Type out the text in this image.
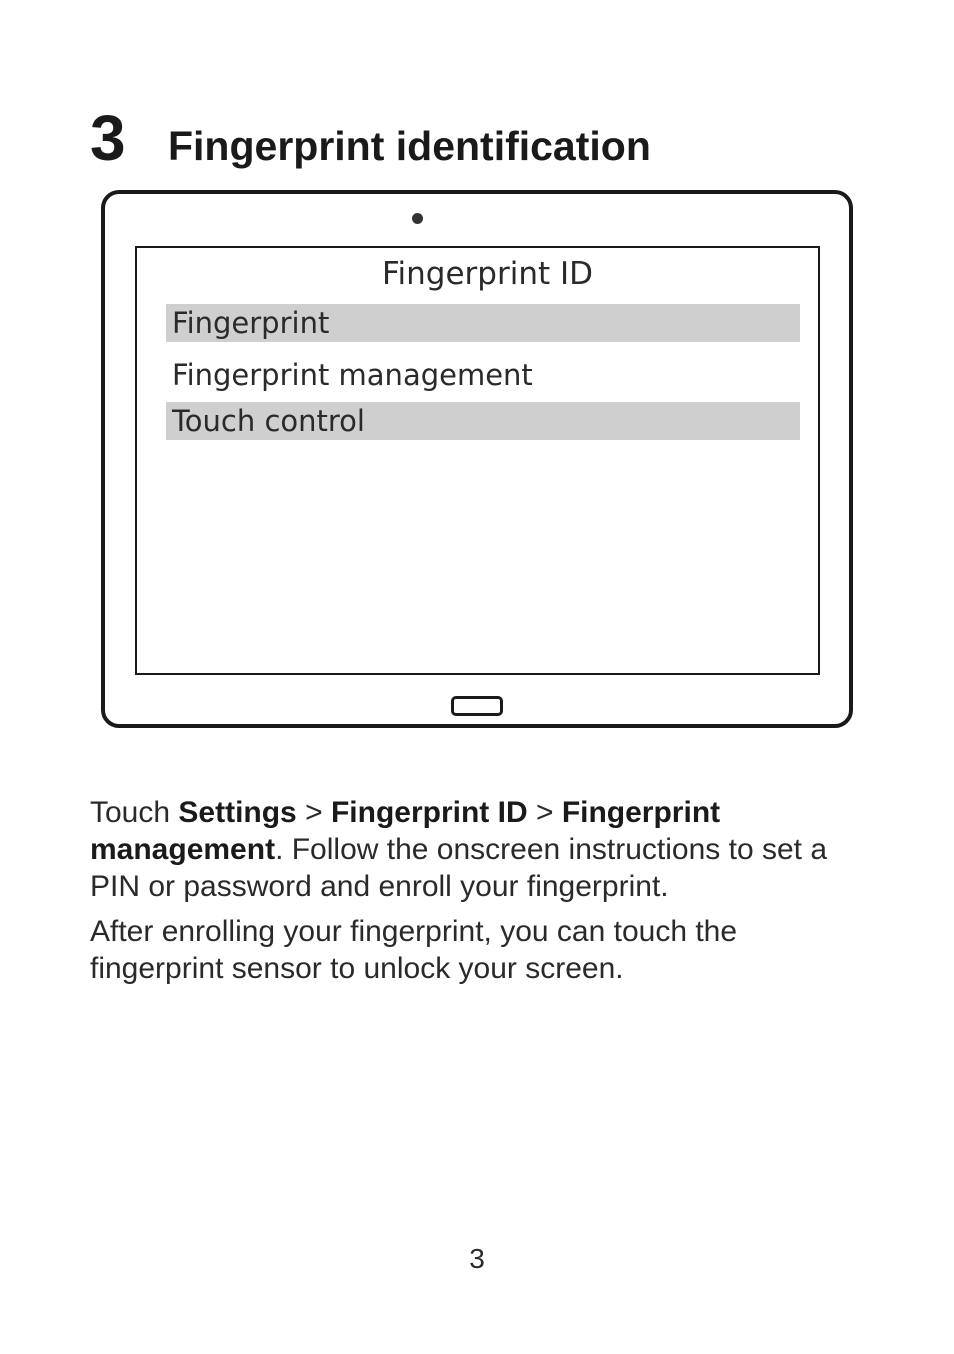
3 Fingerprint identification
Fingerprint ID
Fingerprint
Fingerprint management
Touch control
Touch Settings > Fingerprint ID > Fingerprint management. Follow the onscreen instructions to set a PIN or password and enroll your fingerprint.
After enrolling your fingerprint, you can touch the fingerprint sensor to unlock your screen.
3
